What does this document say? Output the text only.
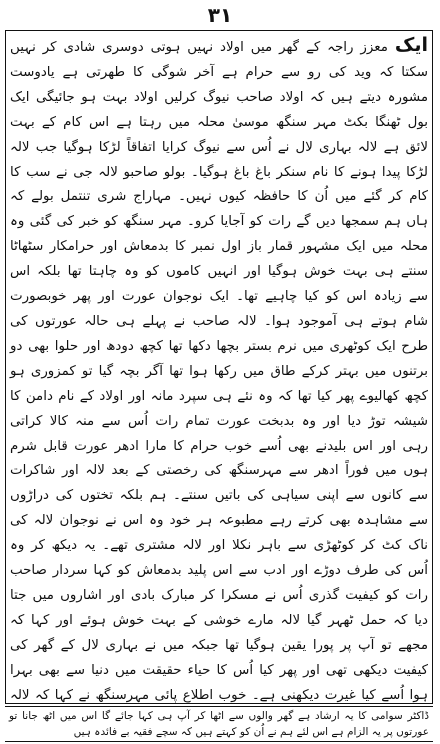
٣١

ایک معزز راجہ کے گھر میں اولاد نہیں ہوتی دوسری شادی کر نہیں سکتا کہ وید کی رو سے حرام ہے آخر شوگی کا طھرتی ہے یادوست مشورہ دیتے ہیں کہ اولاد صاحب نیوگ کرلیں اولاد بہت ہو جائیگی ایک بول ٹھنگا بکٹ مہر سنگھ موسیٰ محلہ میں رہتا ہے اس کام کے بہت لائق ہے لالہ بہاری لال نے اُس سے نیوگ کرایا اتفاقاً لڑکا ہوگیا جب لالہ لڑکا پیدا ہونے کا نام سنکر باغ باغ ہوگیا۔ بولو صاحبو لالہ جی نے سب کا کام کر گئے میں اُن کا حافظہ کیوں نہیں۔ مہاراج شری تنتمل بولے کہ ہاں ہم سمجھا دیں گے رات کو آجایا کرو۔ مہر سنگھ کو خبر کی گئی وہ محلہ میں ایک مشہور قمار باز اول نمبر کا بدمعاش اور حرامکار سٹھاٹا سنتے ہی بہت خوش ہوگیا اور انہیں کاموں کو وہ چاہتا تھا بلکہ اس سے زیادہ اس کو کیا چاہیے تھا۔ ایک نوجوان عورت اور پھر خوبصورت شام ہوتے ہی آموجود ہوا۔ لالہ صاحب نے پہلے ہی حالہ عورتوں کی طرح ایک کوٹھری میں نرم بستر بچھا دکھا تھا کچھ دودھ اور حلوا بھی دو برتنوں میں بہتر کرکے طاق میں رکھا ہوا تھا آگر بچہ گیا تو کمزوری ہو کچھ کھالیوے پھر کیا تھا کہ وہ نئے ہی سپرد مانہ اور اولاد کے نام دامن کا شیشہ توڑ دیا اور وہ بدبخت عورت تمام رات اُس سے منہ کالا کراتی رہی اور اس بلیدنے بھی اُسے خوب حرام کا مارا ادھر عورت قابل شرم ہوں میں فوراً ادھر سے مہرسنگھ کی رخصتی کے بعد لالہ اور شاکرات سے کانوں سے اپنی سیاہی کی باتیں سنتے۔ ہم بلکہ تختوں کی دراڑوں سے مشاہدہ بھی کرتے رہے مطبوعہ ہر خود وہ اس نے نوجوان لالہ کی ناک کٹ کر کوٹھڑی سے باہر نکلا اور لالہ مشتری تھے۔ یہ دیکھ کر وہ اُس کی طرف دوڑے اور ادب سے اس پلید بدمعاش کو کہا سردار صاحب رات کو کیفیت گذری اُس نے مسکرا کر مبارک بادی اور اشاروں میں جتا دیا کہ حمل ٹھہر گیا لالہ مارے خوشی کے بہت خوش ہوئے اور کہا کہ مجھے تو آپ پر پورا یقین ہوگیا تھا جبکہ میں نے بہاری لال کے گھر کی کیفیت دیکھی تھی اور پھر کیا اُس کا حیاء حقیقت میں دنیا سے بھی بہرا ہوا اُسے کیا غیرت دیکھنی ہے۔ خوب اطلاع پائی مہرسنگھ نے کہا کہ لالہ

ڈاکٹر سوامی کا یہ ارشاد ہے گھر والوں سے اٹھا کر آپ ہی کہا جائے گا اس میں اٹھ جانا تو عورتوں پر یہ الزام ہے اس لئے ہم نے اُن کو کہتے ہیں کہ سچے فقیہ بے فائدہ ہیں
